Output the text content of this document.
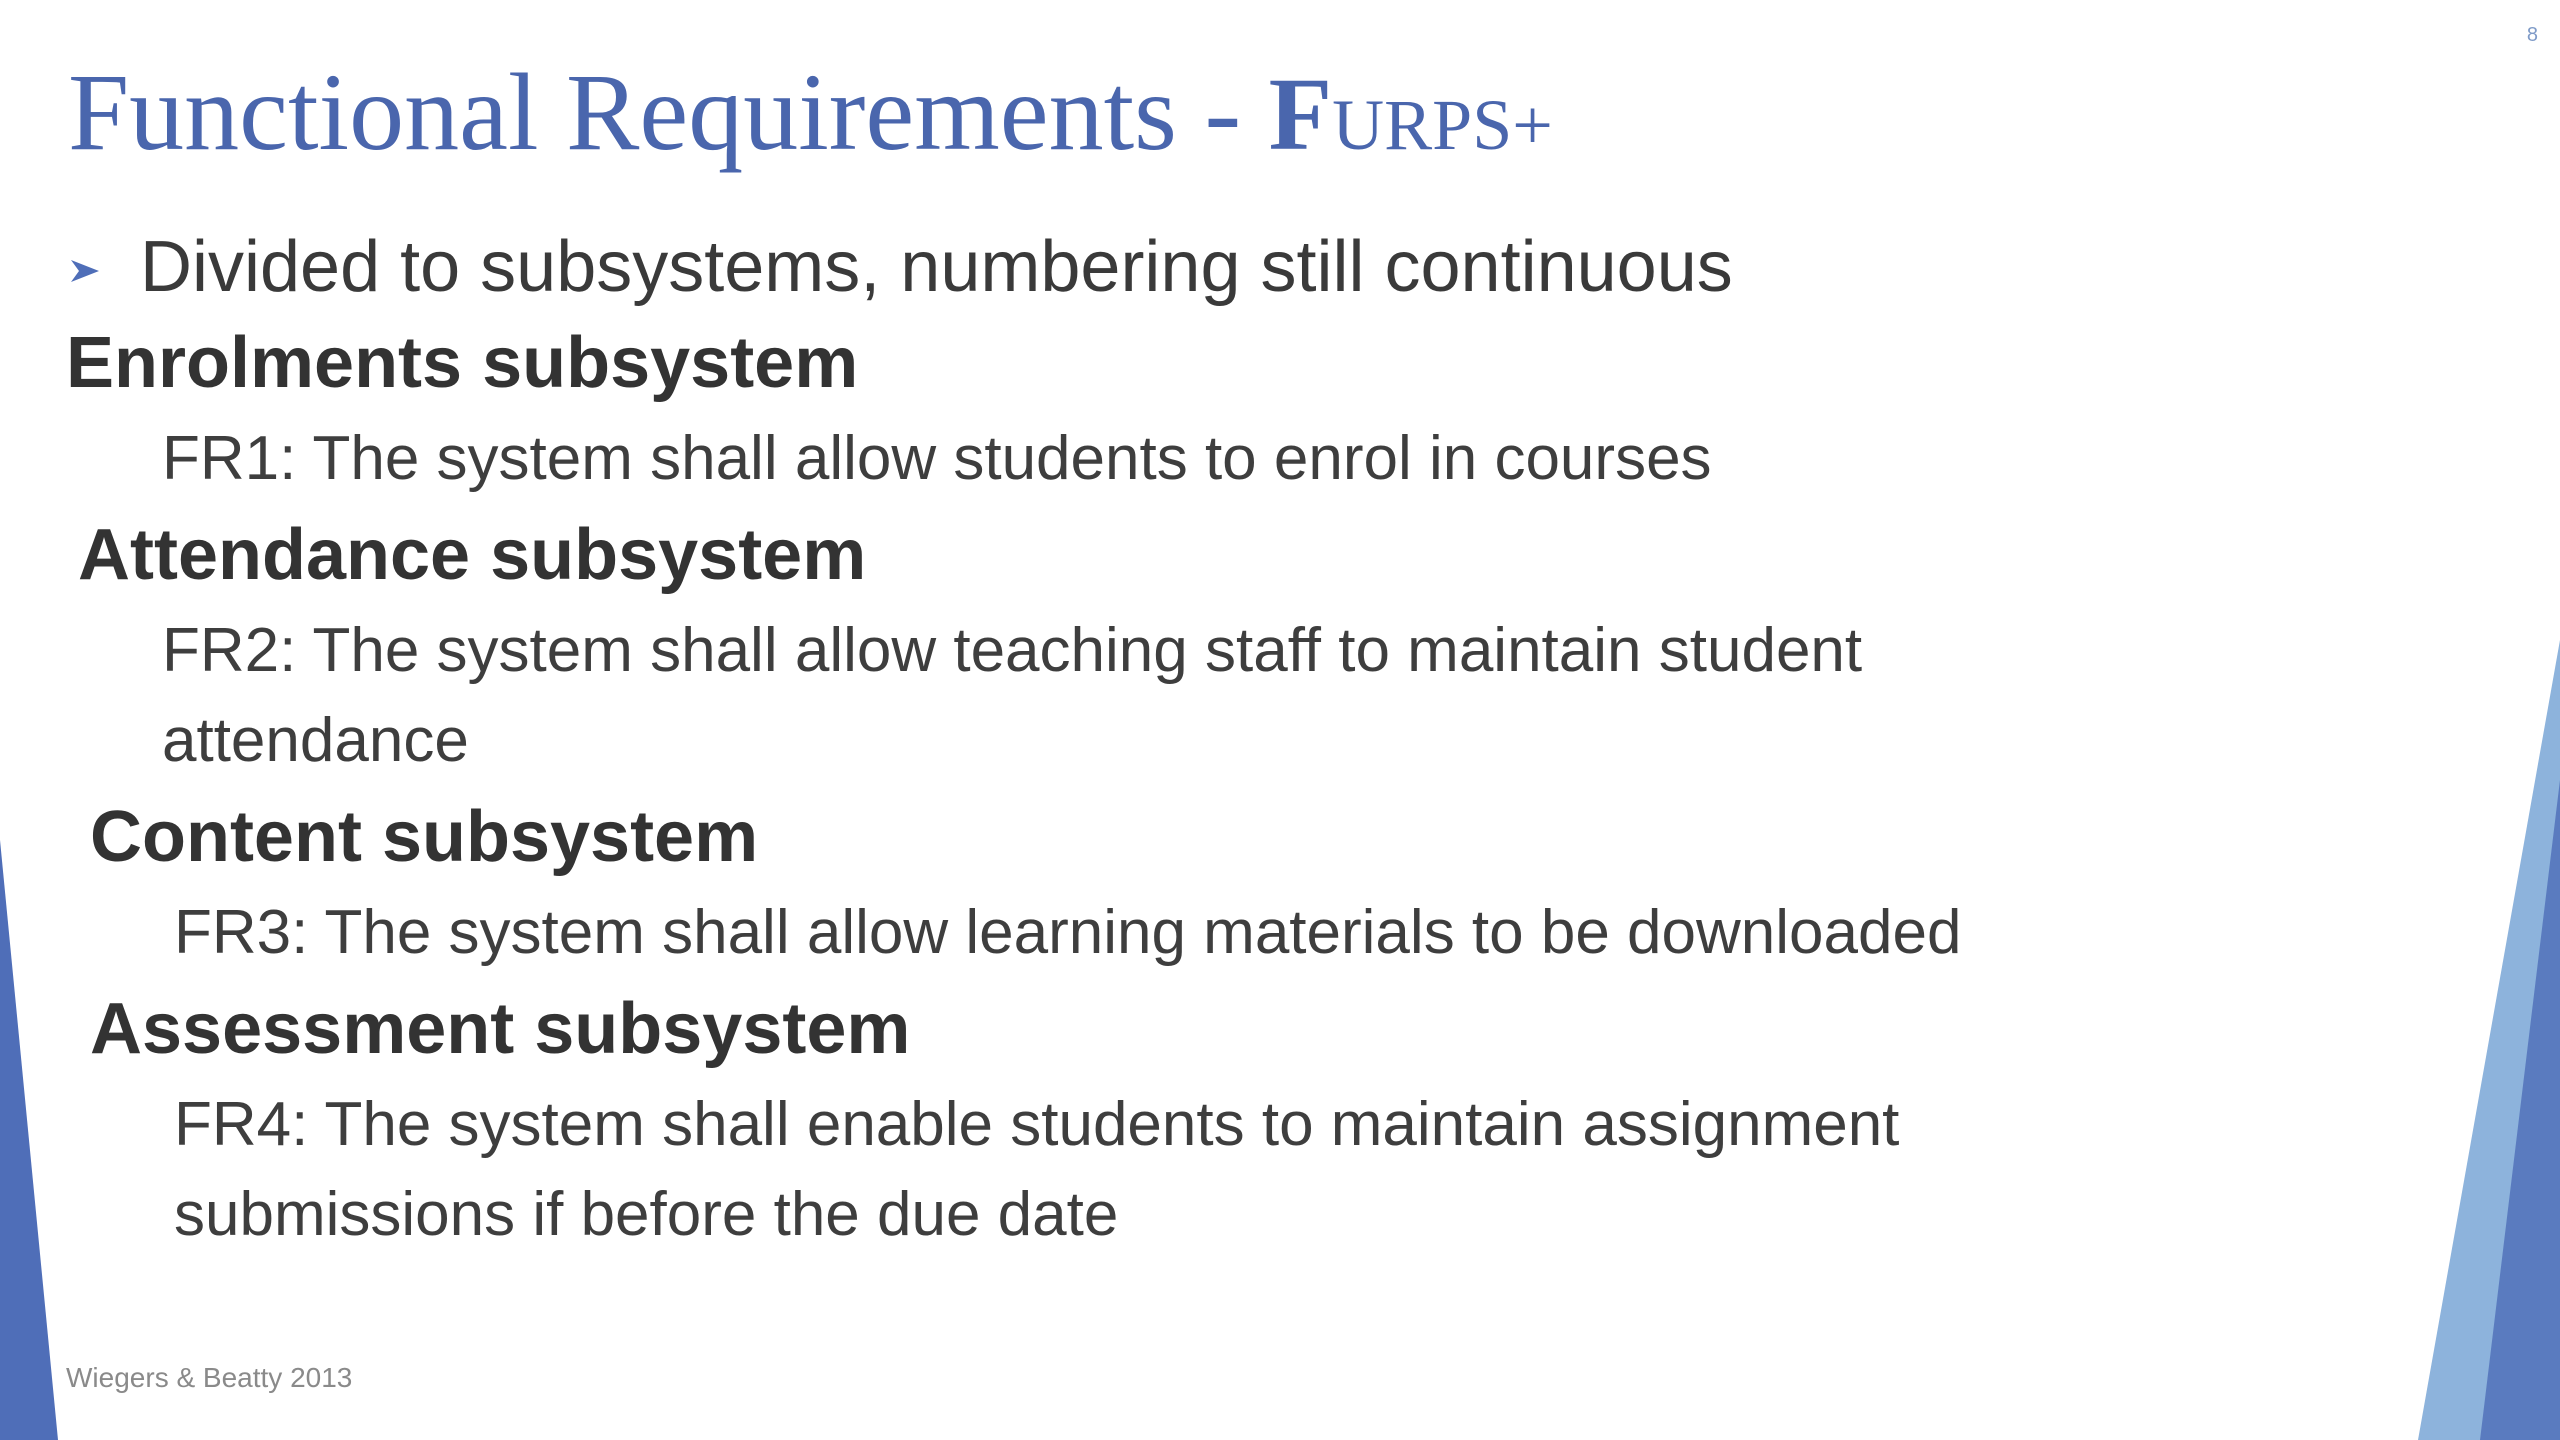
8
Functional Requirements - FURPS+
Divided to subsystems, numbering still continuous

Enrolments subsystem

FR1: The system shall allow students to enrol in courses

Attendance subsystem

FR2: The system shall allow teaching staff to maintain student

attendance

Content subsystem

FR3: The system shall allow learning materials to be downloaded

Assessment subsystem

FR4: The system shall enable students to maintain assignment

submissions if before the due date

Wiegers & Beatty 2013
